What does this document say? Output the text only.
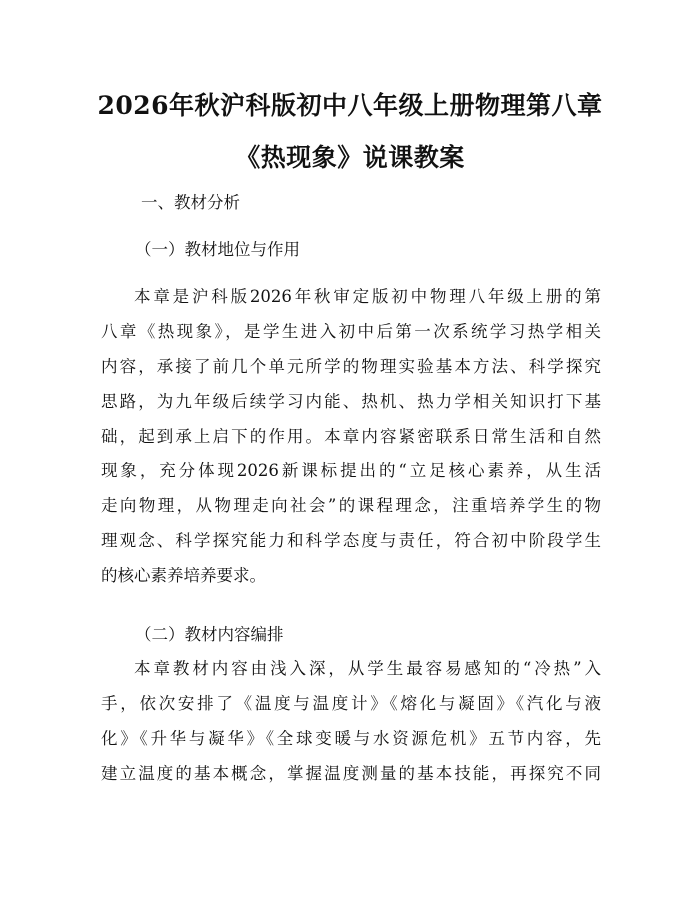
2026年秋沪科版初中八年级上册物理第八章
《热现象》说课教案
一、教材分析
（一）教材地位与作用
本章是沪科版2026年秋审定版初中物理八年级上册的第
八章《热现象》，是学生进入初中后第一次系统学习热学相关
内容，承接了前几个单元所学的物理实验基本方法、科学探究
思路，为九年级后续学习内能、热机、热力学相关知识打下基
础，起到承上启下的作用。本章内容紧密联系日常生活和自然
现象，充分体现2026新课标提出的“立足核心素养，从生活
走向物理，从物理走向社会”的课程理念，注重培养学生的物
理观念、科学探究能力和科学态度与责任，符合初中阶段学生
的核心素养培养要求。
（二）教材内容编排
本章教材内容由浅入深，从学生最容易感知的“冷热”入
手，依次安排了《温度与温度计》《熔化与凝固》《汽化与液
化》《升华与凝华》《全球变暖与水资源危机》五节内容，先
建立温度的基本概念，掌握温度测量的基本技能，再探究不同
